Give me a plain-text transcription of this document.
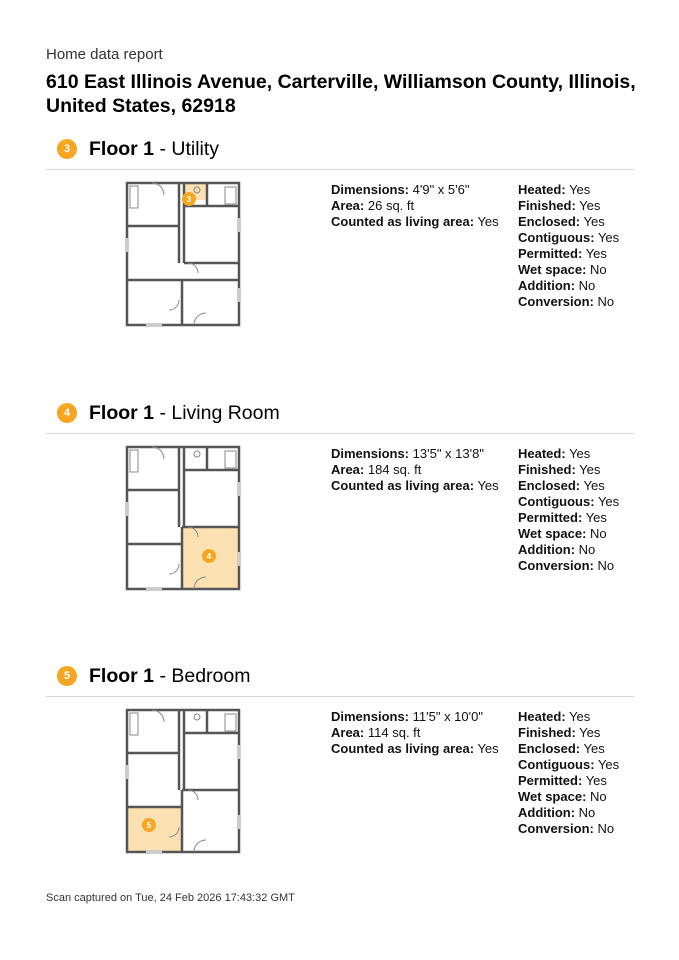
Home data report
610 East Illinois Avenue, Carterville, Williamson County, Illinois, United States, 62918
3 Floor 1 - Utility
3
Dimensions: 4'9" x 5'6"
Area: 26 sq. ft
Counted as living area: Yes
Heated: Yes
Finished: Yes
Enclosed: Yes
Contiguous: Yes
Permitted: Yes
Wet space: No
Addition: No
Conversion: No
4 Floor 1 - Living Room
4
Dimensions: 13'5" x 13'8"
Area: 184 sq. ft
Counted as living area: Yes
Heated: Yes
Finished: Yes
Enclosed: Yes
Contiguous: Yes
Permitted: Yes
Wet space: No
Addition: No
Conversion: No
5 Floor 1 - Bedroom
5
Dimensions: 11'5" x 10'0"
Area: 114 sq. ft
Counted as living area: Yes
Heated: Yes
Finished: Yes
Enclosed: Yes
Contiguous: Yes
Permitted: Yes
Wet space: No
Addition: No
Conversion: No
Scan captured on Tue, 24 Feb 2026 17:43:32 GMT
